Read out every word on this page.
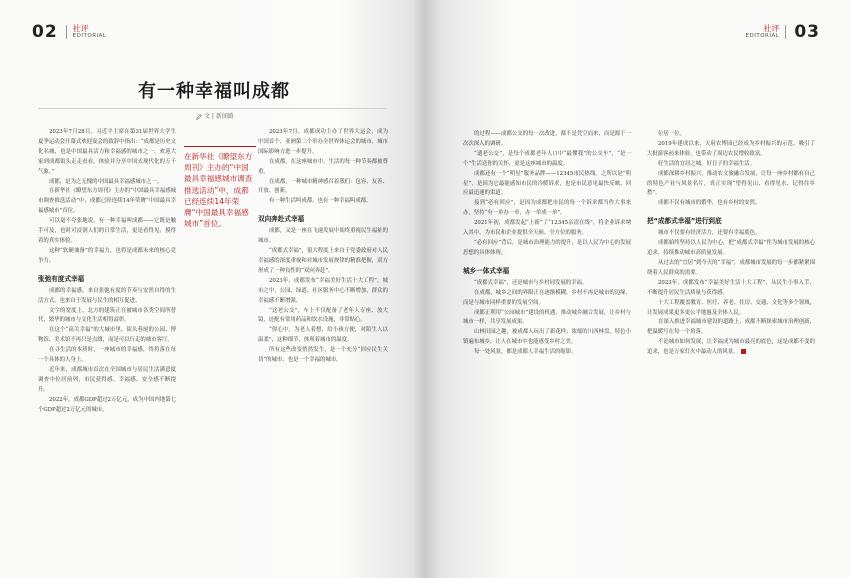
02 社评
EDITORIAL
有一种幸福叫成都
文 | 新闻路

2023年7月28日，习近平主席在第31届世界大学生夏季运动会开幕式欢迎宴会的致辞中指出：“成都是历史文化名城，也是中国最具活力和幸福感的城市之一。欢迎大家到成都街头走走看看，体验并分享中国式现代化的万千气象。”

成都，是为之无愧的中国最具幸福感城市之一。

在新华社《瞭望东方周刊》主办的“中国最具幸福感城市调查推选活动”中，成都已经连续14年荣膺“中国最具幸福感城市”首位。

可以毫不夸张地说，有一种幸福叫成都——它既是触手可及，也时可浸润人们的日常生活，更是看得见，摸得着的真实体验。

这种“软硬兼备”的幸福力，也将是成都未来的核心竞争力。

张弛有度式幸福

成都的幸福感，来自张弛有度的节奏与安然自得的生活方式，也来自于发展与民生的相互促进。

文字的宽度上，北方的建筑正在被城市各类空间所替代，繁华的城市与文化生活相得益彰。

在这个“高关幸福”的大城市里，街头巷尾的公园、博物馆、美术馆不再只是点缀，而是可以行走的城市客厅。

在寻生活的本质时，一座城市的幸福感，终将落在每一个具体的人身上。

近年来，成都城市首次在全国城市与居民生活满意度调查中位居前列，市民获得感、幸福感、安全感不断提升。

2022年，成都GDP超过2万亿元，成为中国内地第七个GDP超过2万亿元的城市。

在新华社《瞭望东方周刊》主办的“中国最具幸福感城市调查推选活动”中，成都已经连续14年荣膺“中国最具幸福感城市”首位。

2023年7月，成都成功主办了世界大运会，成为中国首个、亚洲第二个举办全世界体运会的城市，城市国际影响力进一步提升。

在成都，在这座城市中，生活的每一种节奏都被尊重。

在成都，一种城市精神感召着我们：包容、友善、开放、创新。

有一种生活叫成都，也有一种幸福叫成都。

双向奔赴式幸福

成都，又是一座在飞速发展中始终重视民生福祉的城市。

“成都式幸福”，很大程度上来自于党委政府对人民幸福感的深度重视和对城市发展规律的精准把握，双方形成了一种良性的“双向奔赴”。

2023年，成都发布“幸福美好生活十大工程”，城市之中，公园、绿道、社区服务中心不断增加，群众的幸福感不断增强。

“这老公交”，车上不仅配备了老年人专座、放大镜，还配有常用药品和饮水设施，非常贴心。

“你心中，为老人着想，给小孩方便，对陌生人以温柔”，这种细节，体现着城市的温度。

所有这些改变悄然发生，是一个充分“回应民生关切”的城市，也是一个幸福的城市。

社评
EDITORIAL 03

的过程——成都公交的每一次改进，都不是凭空而来，而是源于一次次深入的调研。

“遗老公交”，是每个成都老年人口中“最懂我”的公交车”，“是一个”生活送你的关怀，更是这座城市的温度。

成都还有一个“明星”服务品牌——12345市民热线。之所以是“明星”，是因为它最能感知市民的冷暖诉求，也是市民意见最快反映、回应最迅速的渠道。

接到“必有回应”，是因为成都把市民的每一个诉求都当作大事来办，坚持“有一单办一单，办一单成一单”。

2021年初，成都发起“上新”了“12345亲清在线”，将企业诉求纳入其中，为市民和企业提供全天候、全方位的服务。

“必有回应”背后，是城市治理能力的提升，是以人民为中心的发展思想的具体体现。

城乡一体式幸福

“成都式幸福”，还是城市与乡村同发展的幸福。

在成都，城乡之间的界限正在逐渐模糊，乡村不再是城市的边缘，而是与城市同样重要的发展空间。

成都正利用“公园城市”建设的机遇，推动城乡融合发展，让乡村与城市一样，共享发展成果。

山林田园之趣，被成都人玩出了新花样；浓郁的川西林盘，特色小镇遍布城乡，让人在城市中也能感受乡村之美。

每一处风景，都是成都人幸福生活的缩影。

位居一位。

2019年建成以来，天府农博园已经成为乡村振兴的示范，吸引了大批游客前来体验，也带动了周边农民增收致富。

好生活的宜居之城，好日子的幸福生活。

成都深耕乡村振兴，推动农文旅融合发展，让每一座乡村都有自己的特色产业与风景名片，真正实现“望得见山、看得见水、记得住乡愁”。

成都不仅有城市的繁华，也有乡村的安然。

把“成都式幸福”进行到底

城市不仅要有经济活力，还要有幸福底色。

成都始终坚持以人民为中心，把“成都式幸福”作为城市发展的核心追求，持续推动城市高质量发展。

从过去的“宜居”到今天的“幸福”，成都城市发展的每一步都紧紧围绕着人民群众的需要。

2023年，成都发布“幸福美好生活十大工程”，从民生小事入手，不断提升居民生活质量与获得感。

十大工程覆盖教育、医疗、养老、住房、交通、文化等多个领域，让发展成果更多更公平地惠及全体人民。

在深入推进幸福城市建设的道路上，成都不断探索城市治理创新，把温暖写在每一个角落。

不论城市如何发展，让幸福成为城市最亮的底色，这是成都不变的追求，也是万家灯火中最动人的风景。
